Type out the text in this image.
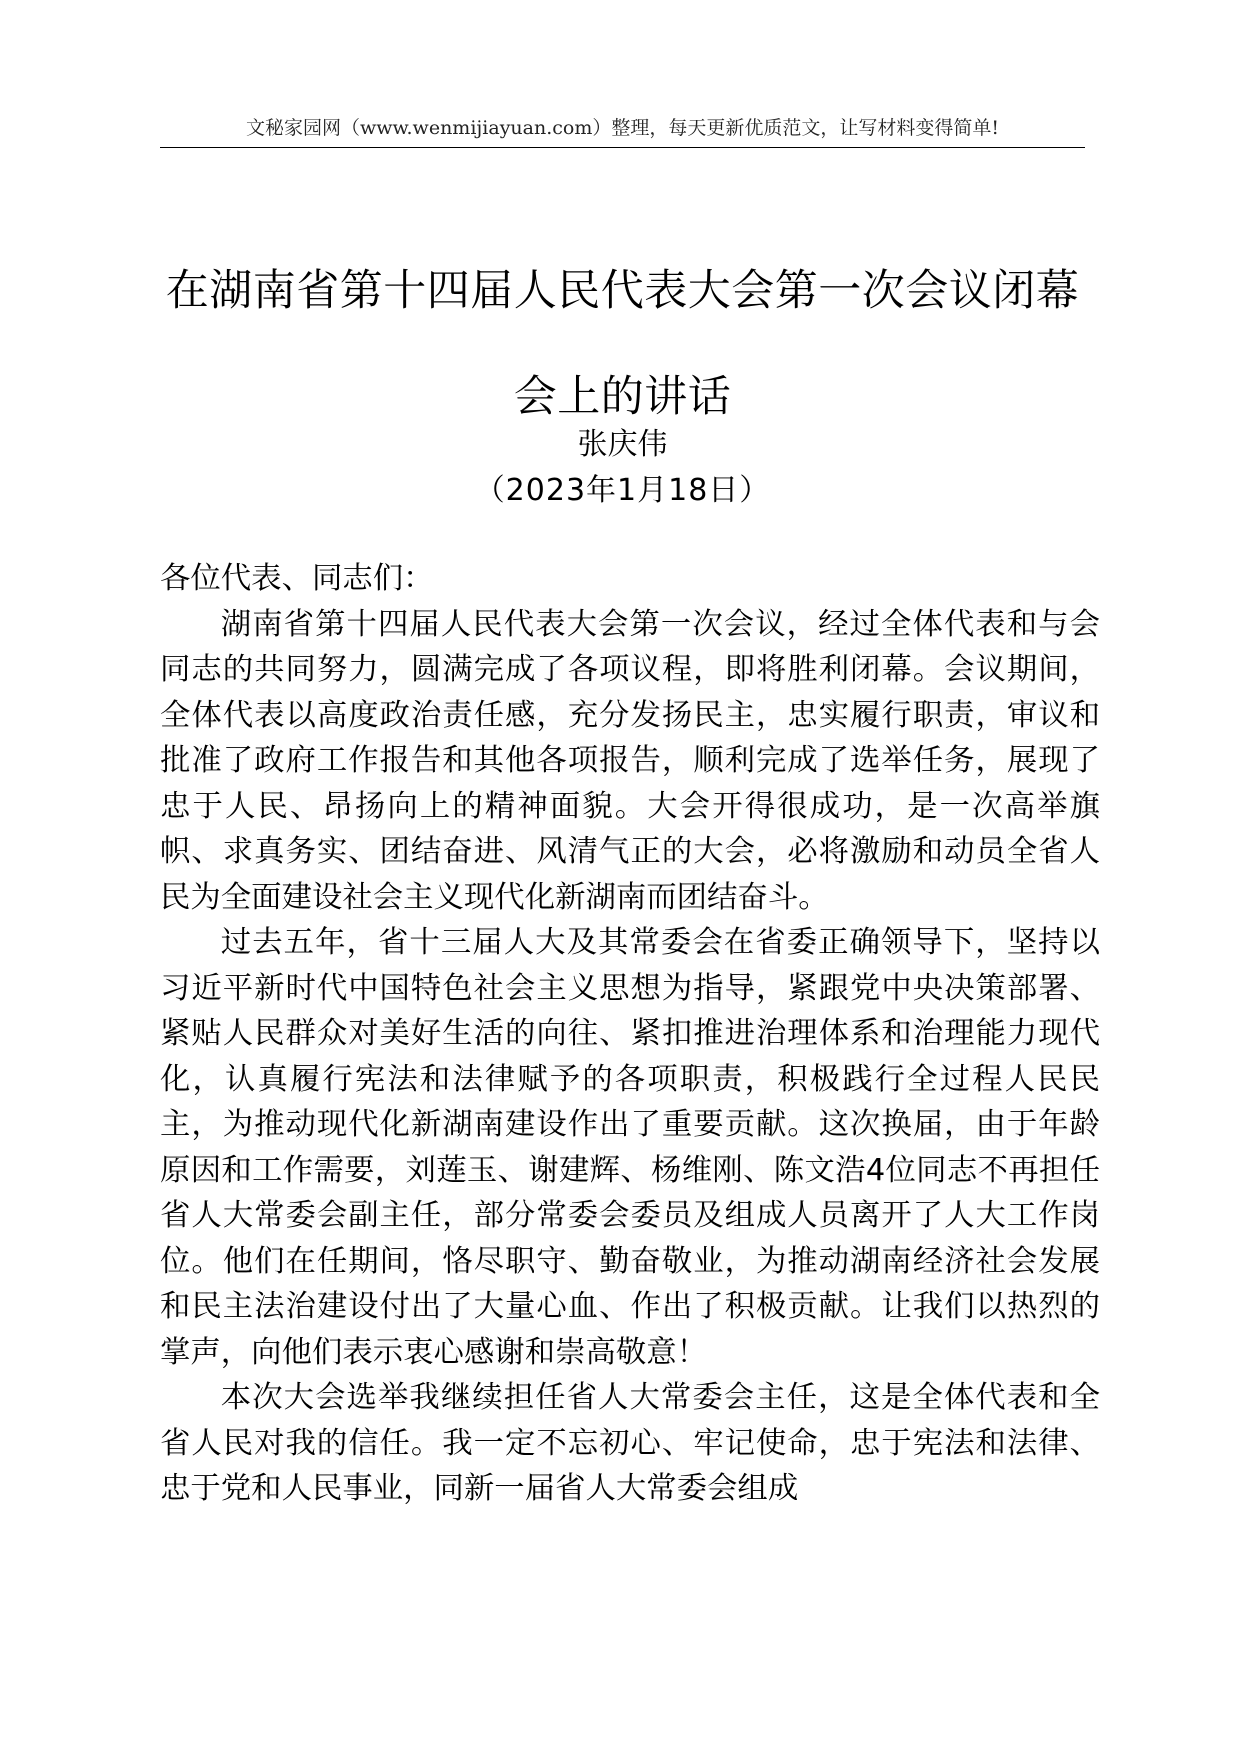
文秘家园网（www.wenmijiayuan.com）整理，每天更新优质范文，让写材料变得简单!
在湖南省第十四届人民代表大会第一次会议闭幕会上的讲话
张庆伟
（2023年1月18日）

各位代表、同志们：

湖南省第十四届人民代表大会第一次会议，经过全体代表和与会同志的共同努力，圆满完成了各项议程，即将胜利闭幕。会议期间，全体代表以高度政治责任感，充分发扬民主，忠实履行职责，审议和批准了政府工作报告和其他各项报告，顺利完成了选举任务，展现了忠于人民、昂扬向上的精神面貌。大会开得很成功，是一次高举旗帜、求真务实、团结奋进、风清气正的大会，必将激励和动员全省人民为全面建设社会主义现代化新湖南而团结奋斗。

过去五年，省十三届人大及其常委会在省委正确领导下，坚持以习近平新时代中国特色社会主义思想为指导，紧跟党中央决策部署、紧贴人民群众对美好生活的向往、紧扣推进治理体系和治理能力现代化，认真履行宪法和法律赋予的各项职责，积极践行全过程人民民主，为推动现代化新湖南建设作出了重要贡献。这次换届，由于年龄原因和工作需要，刘莲玉、谢建辉、杨维刚、陈文浩4位同志不再担任省人大常委会副主任，部分常委会委员及组成人员离开了人大工作岗位。他们在任期间，恪尽职守、勤奋敬业，为推动湖南经济社会发展和民主法治建设付出了大量心血、作出了积极贡献。让我们以热烈的掌声，向他们表示衷心感谢和崇高敬意！

本次大会选举我继续担任省人大常委会主任，这是全体代表和全省人民对我的信任。我一定不忘初心、牢记使命，忠于宪法和法律、忠于党和人民事业，同新一届省人大常委会组成
